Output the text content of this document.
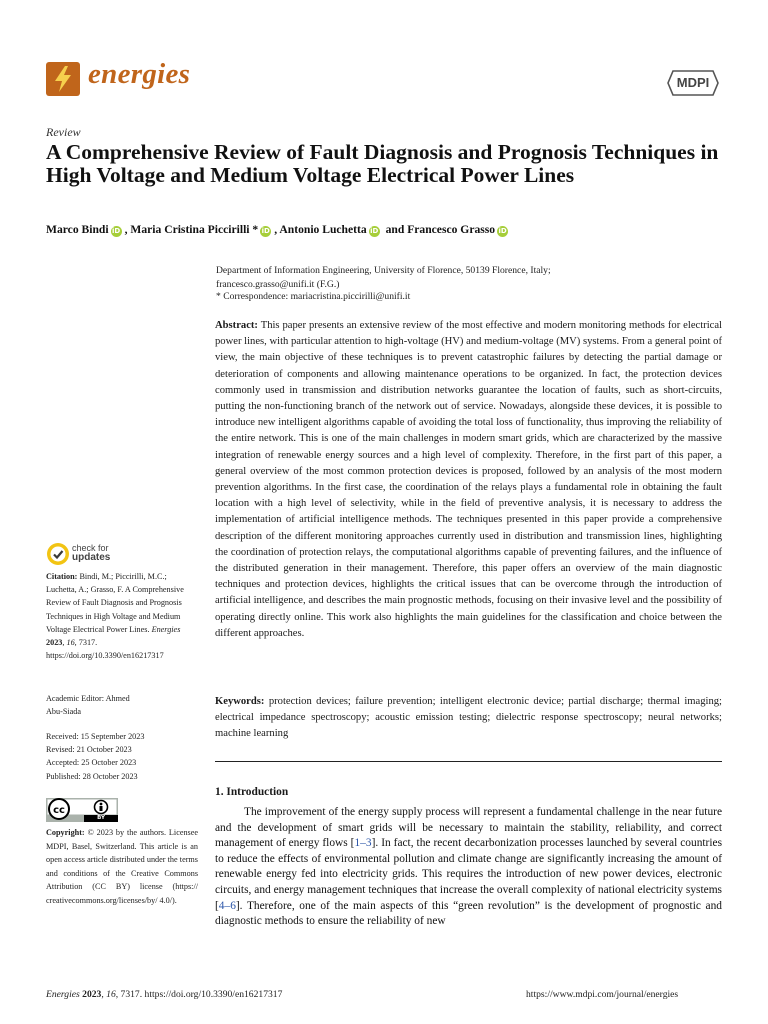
energies	MDPI
Review
A Comprehensive Review of Fault Diagnosis and Prognosis Techniques in High Voltage and Medium Voltage Electrical Power Lines
Marco Bindi iD , Maria Cristina Piccirilli * iD , Antonio Luchetta iD and Francesco Grasso iD
Department of Information Engineering, University of Florence, 50139 Florence, Italy;
francesco.grasso@unifi.it (F.G.)
* Correspondence: mariacristina.piccirilli@unifi.it
Abstract: This paper presents an extensive review of the most effective and modern monitoring methods for electrical power lines, with particular attention to high-voltage (HV) and medium-voltage (MV) systems. From a general point of view, the main objective of these techniques is to prevent catastrophic failures by detecting the partial damage or deterioration of components and allowing maintenance operations to be organized. In fact, the protection devices commonly used in transmission and distribution networks guarantee the location of faults, such as short-circuits, putting the non-functioning branch of the network out of service. Nowadays, alongside these devices, it is possible to introduce new intelligent algorithms capable of avoiding the total loss of functionality, thus improving the reliability of the entire network. This is one of the main challenges in modern smart grids, which are characterized by the massive integration of renewable energy sources and a high level of complexity. Therefore, in the first part of this paper, a general overview of the most common protection devices is proposed, followed by an analysis of the most modern prevention algorithms. In the first case, the coordination of the relays plays a fundamental role in obtaining the fault location with a high level of selectivity, while in the field of preventive analysis, it is necessary to address the implementation of artificial intelligence methods. The techniques presented in this paper provide a comprehensive description of the different monitoring approaches currently used in distribution and transmission lines, highlighting the coordination of protection relays, the computational algorithms capable of preventing failures, and the influence of the distributed generation in their management. Therefore, this paper offers an overview of the main diagnostic techniques and protection devices, highlights the critical issues that can be overcome through the introduction of artificial intelligence, and describes the main prognostic methods, focusing on their invasive level and the possibility of operating directly online. This work also highlights the main guidelines for the classification and choice between the different approaches.
Keywords: protection devices; failure prevention; intelligent electronic device; partial discharge; thermal imaging; electrical impedance spectroscopy; acoustic emission testing; dielectric response spectroscopy; neural networks; machine learning
1. Introduction
The improvement of the energy supply process will represent a fundamental challenge in the near future and the development of smart grids will be necessary to maintain the stability, reliability, and correct management of energy flows [1–3]. In fact, the recent decarbonization processes launched by several countries to reduce the effects of environmental pollution and climate change are significantly increasing the amount of renewable energy fed into electricity grids. This requires the introduction of new power devices, electronic circuits, and energy management techniques that increase the overall complexity of national electricity systems [4–6]. Therefore, one of the main aspects of this “green revolution” is the development of prognostic and diagnostic methods to ensure the reliability of new
check for
updates
Citation: Bindi, M.; Piccirilli, M.C.; Luchetta, A.; Grasso, F. A Comprehensive Review of Fault Diagnosis and Prognosis Techniques in High Voltage and Medium Voltage Electrical Power Lines. Energies 2023, 16, 7317. https://doi.org/10.3390/en16217317
Academic Editor: Ahmed
Abu-Siada
Received: 15 September 2023
Revised: 21 October 2023
Accepted: 25 October 2023
Published: 28 October 2023
cc
BY
Copyright: © 2023 by the authors. Licensee MDPI, Basel, Switzerland. This article is an open access article distributed under the terms and conditions of the Creative Commons Attribution (CC BY) license (https:// creativecommons.org/licenses/by/ 4.0/).
Energies 2023, 16, 7317. https://doi.org/10.3390/en16217317	https://www.mdpi.com/journal/energies
